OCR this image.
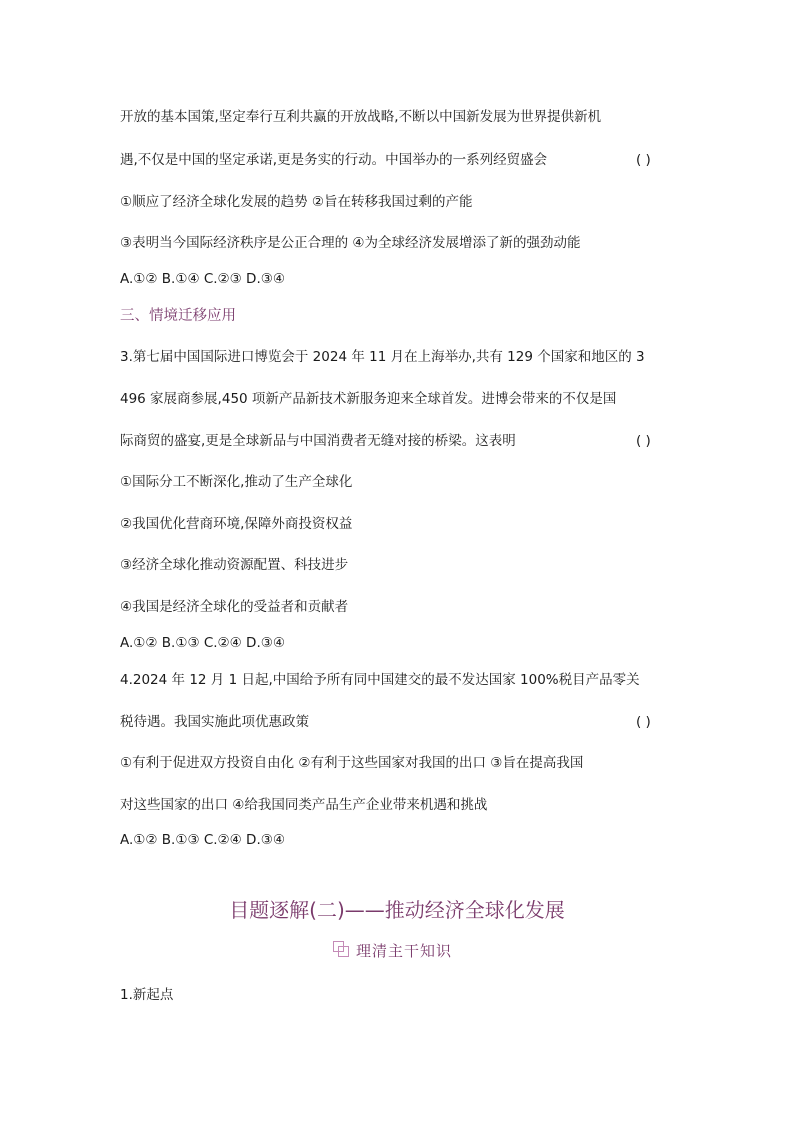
开放的基本国策,坚定奉行互利共赢的开放战略,不断以中国新发展为世界提供新机
遇,不仅是中国的坚定承诺,更是务实的行动。中国举办的一系列经贸盛会	( )
①顺应了经济全球化发展的趋势 ②旨在转移我国过剩的产能
③表明当今国际经济秩序是公正合理的 ④为全球经济发展增添了新的强劲动能
A.①② B.①④ C.②③ D.③④
三、情境迁移应用
3.第七届中国国际进口博览会于 2024 年 11 月在上海举办,共有 129 个国家和地区的 3
496 家展商参展,450 项新产品新技术新服务迎来全球首发。进博会带来的不仅是国
际商贸的盛宴,更是全球新品与中国消费者无缝对接的桥梁。这表明	( )
①国际分工不断深化,推动了生产全球化
②我国优化营商环境,保障外商投资权益
③经济全球化推动资源配置、科技进步
④我国是经济全球化的受益者和贡献者
A.①② B.①③ C.②④ D.③④
4.2024 年 12 月 1 日起,中国给予所有同中国建交的最不发达国家 100%税目产品零关
税待遇。我国实施此项优惠政策	( )
①有利于促进双方投资自由化 ②有利于这些国家对我国的出口 ③旨在提高我国
对这些国家的出口 ④给我国同类产品生产企业带来机遇和挑战
A.①② B.①③ C.②④ D.③④
目题逐解(二)——推动经济全球化发展
理清主干知识
1.新起点
